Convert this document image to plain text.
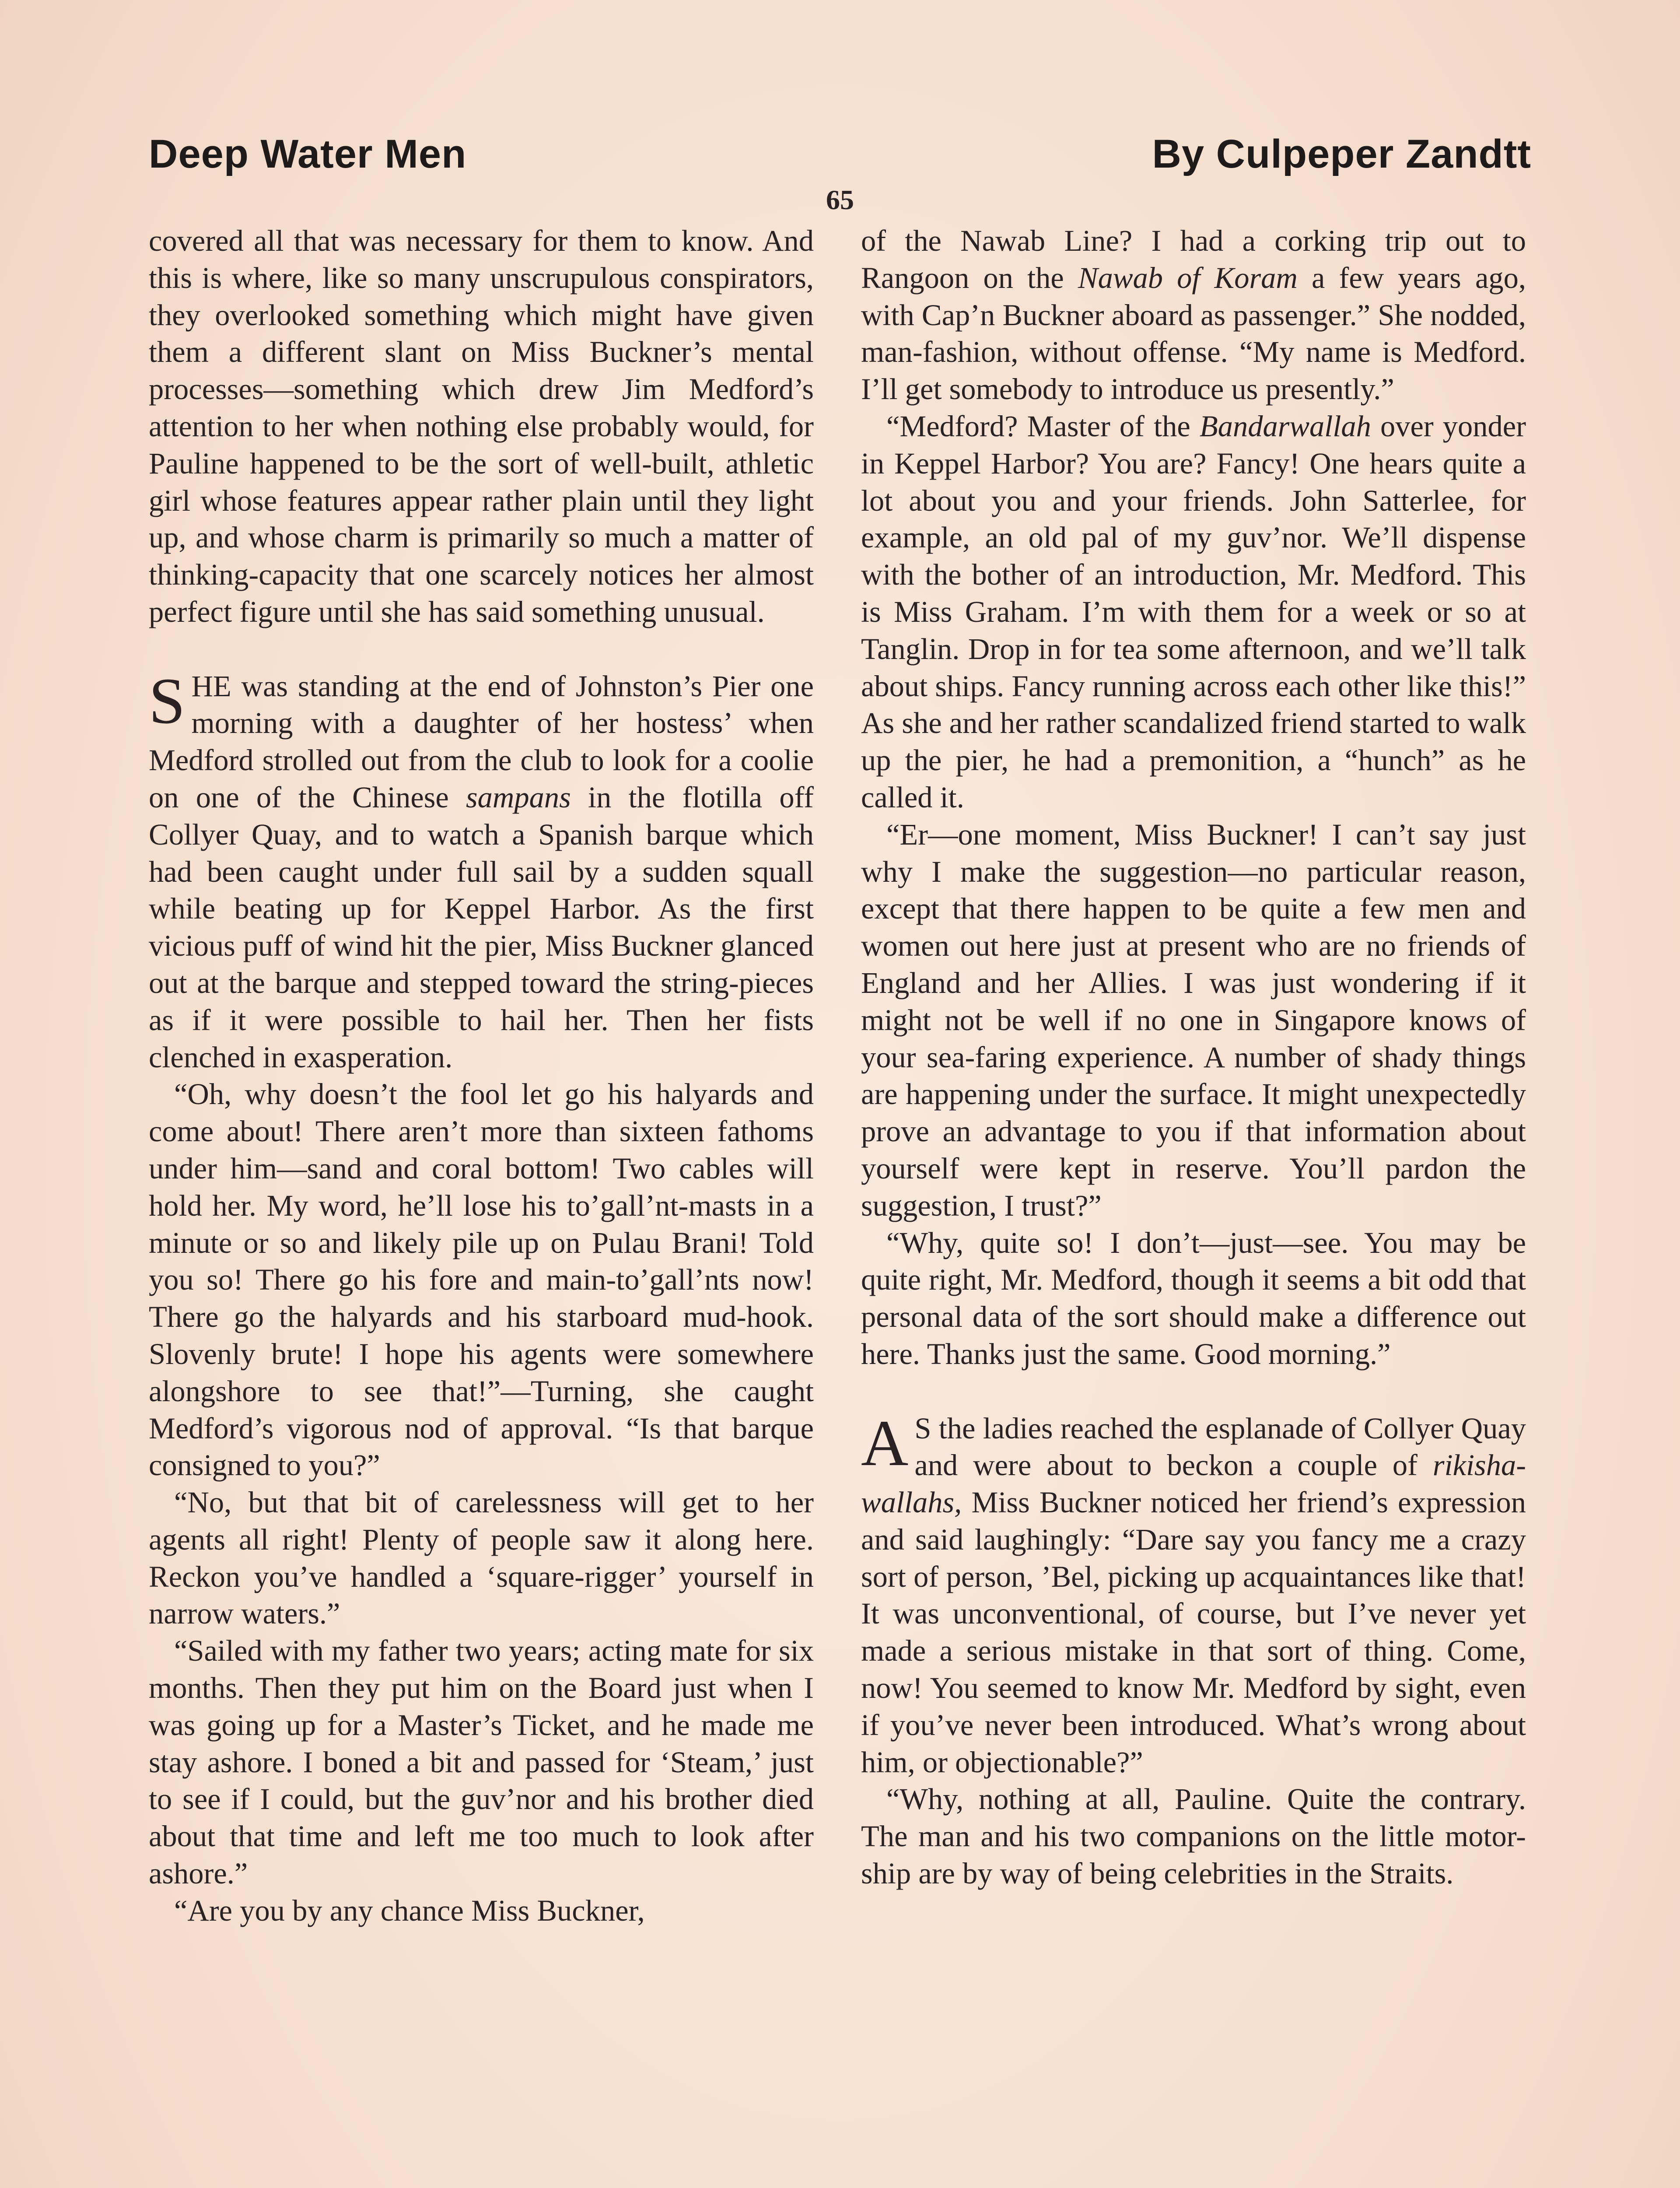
Deep Water Men	By Culpeper Zandtt
65

covered all that was necessary for them to know. And this is where, like so many unscrupulous conspirators, they overlooked something which might have given them a different slant on Miss Buckner’s mental processes—something which drew Jim Medford’s attention to her when nothing else probably would, for Pauline happened to be the sort of well-built, athletic girl whose features appear rather plain until they light up, and whose charm is primarily so much a matter of thinking-capacity that one scarcely notices her almost perfect figure until she has said something unusual.

SHE was standing at the end of Johnston’s Pier one morning with a daughter of her hostess’ when Medford strolled out from the club to look for a coolie on one of the Chinese sampans in the flotilla off Collyer Quay, and to watch a Spanish barque which had been caught under full sail by a sudden squall while beating up for Keppel Harbor. As the first vicious puff of wind hit the pier, Miss Buckner glanced out at the barque and stepped toward the string-pieces as if it were possible to hail her. Then her fists clenched in exasperation.

“Oh, why doesn’t the fool let go his halyards and come about! There aren’t more than sixteen fathoms under him—sand and coral bottom! Two cables will hold her. My word, he’ll lose his to’gall’nt-masts in a minute or so and likely pile up on Pulau Brani! Told you so! There go his fore and main-to’gall’nts now! There go the halyards and his starboard mud-hook. Slovenly brute! I hope his agents were somewhere alongshore to see that!”—Turning, she caught Medford’s vigorous nod of approval. “Is that barque consigned to you?”

“No, but that bit of carelessness will get to her agents all right! Plenty of people saw it along here. Reckon you’ve handled a ‘square-rigger’ yourself in narrow waters.”

“Sailed with my father two years; acting mate for six months. Then they put him on the Board just when I was going up for a Master’s Ticket, and he made me stay ashore. I boned a bit and passed for ‘Steam,’ just to see if I could, but the guv’nor and his brother died about that time and left me too much to look after ashore.”

“Are you by any chance Miss Buckner,

of the Nawab Line? I had a corking trip out to Rangoon on the Nawab of Koram a few years ago, with Cap’n Buckner aboard as passenger.” She nodded, man-fashion, without offense. “My name is Medford. I’ll get somebody to introduce us presently.”

“Medford? Master of the Bandarwallah over yonder in Keppel Harbor? You are? Fancy! One hears quite a lot about you and your friends. John Satterlee, for example, an old pal of my guv’nor. We’ll dispense with the bother of an introduction, Mr. Medford. This is Miss Graham. I’m with them for a week or so at Tanglin. Drop in for tea some afternoon, and we’ll talk about ships. Fancy running across each other like this!” As she and her rather scandalized friend started to walk up the pier, he had a premonition, a “hunch” as he called it.

“Er—one moment, Miss Buckner! I can’t say just why I make the suggestion—no particular reason, except that there happen to be quite a few men and women out here just at present who are no friends of England and her Allies. I was just wondering if it might not be well if no one in Singapore knows of your sea-faring experience. A number of shady things are happening under the surface. It might unexpectedly prove an advantage to you if that information about yourself were kept in reserve. You’ll pardon the suggestion, I trust?”

“Why, quite so! I don’t—just—see. You may be quite right, Mr. Medford, though it seems a bit odd that personal data of the sort should make a difference out here. Thanks just the same. Good morning.”

A S the ladies reached the esplanade of Collyer Quay and were about to beckon a couple of rikisha-wallahs, Miss Buckner noticed her friend’s expression and said laughingly: “Dare say you fancy me a crazy sort of person, ’Bel, picking up acquaintances like that! It was unconventional, of course, but I’ve never yet made a serious mistake in that sort of thing. Come, now! You seemed to know Mr. Medford by sight, even if you’ve never been introduced. What’s wrong about him, or objectionable?”

“Why, nothing at all, Pauline. Quite the contrary. The man and his two companions on the little motor-ship are by way of being celebrities in the Straits.
